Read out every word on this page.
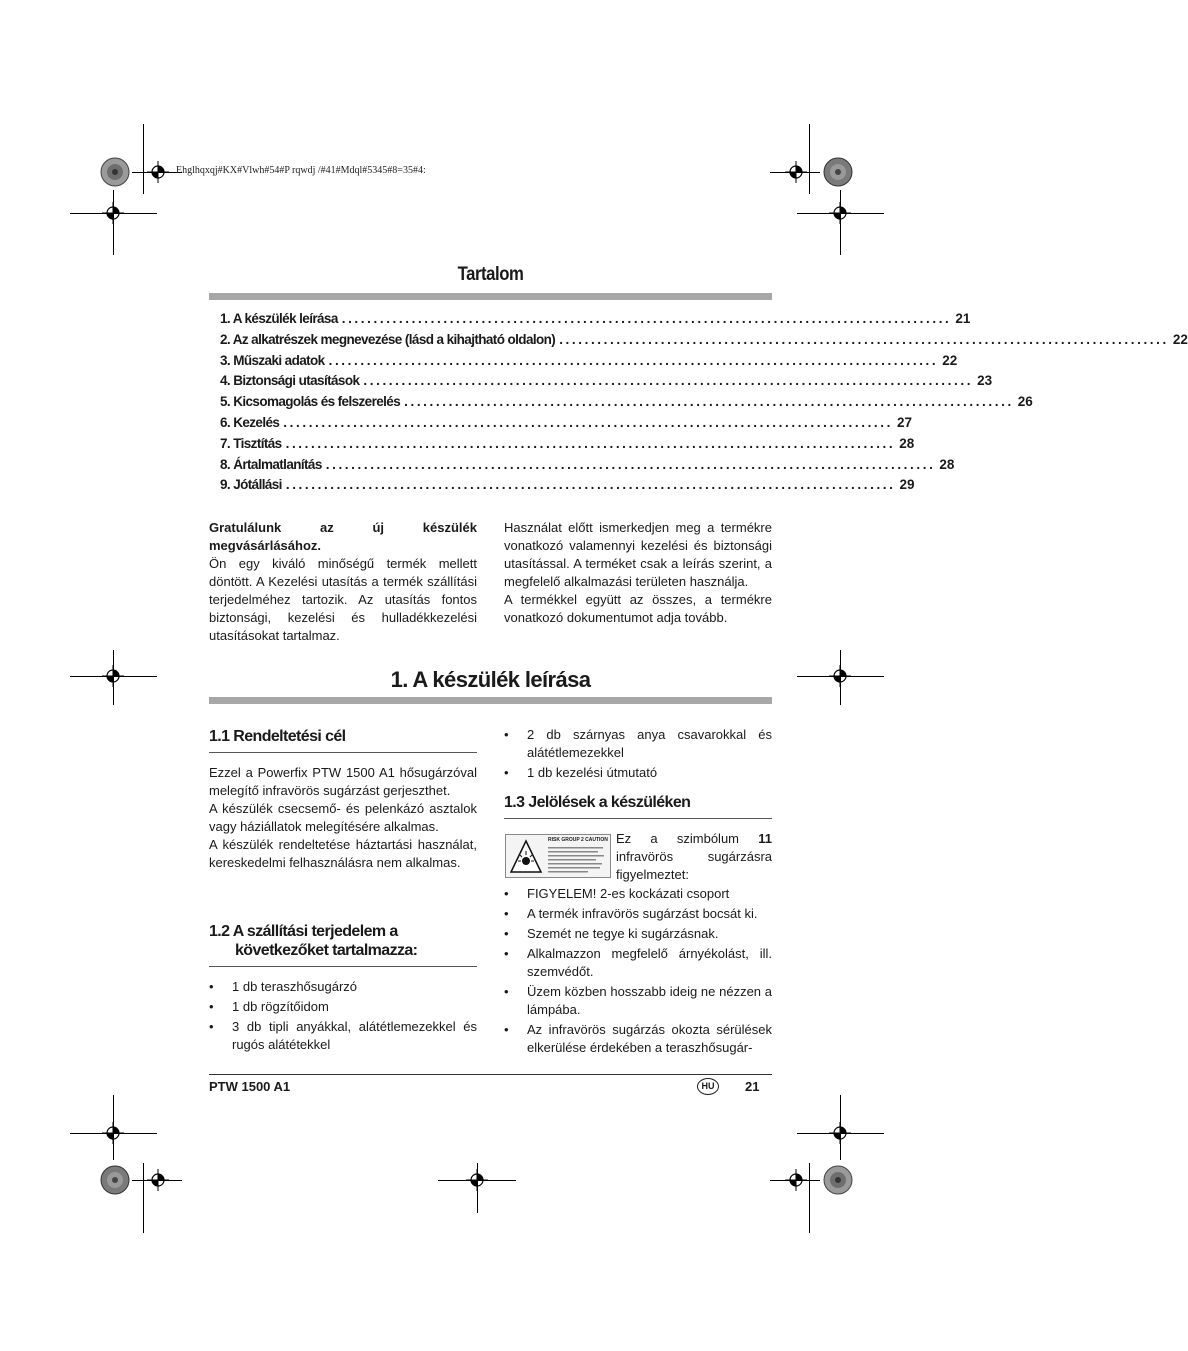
Ehglhqxqj#KX#Vlwh#54#P rqwdj /#41#Mdql#5345#8=35#4:
Tartalom
1. A készülék leírása ................................................................................................ 21
2. Az alkatrészek megnevezése (lásd a kihajtható oldalon) ................................................................................................ 22
3. Műszaki adatok ................................................................................................ 22
4. Biztonsági utasítások ................................................................................................ 23
5. Kicsomagolás és felszerelés ................................................................................................ 26
6. Kezelés ................................................................................................ 27
7. Tisztítás ................................................................................................ 28
8. Ártalmatlanítás ................................................................................................ 28
9. Jótállási ................................................................................................ 29

Gratulálunk az új készülék megvásárlásához.

Ön egy kiváló minőségű termék mellett döntött. A Kezelési utasítás a termék szállítási terjedelméhez tartozik. Az utasítás fontos biztonsági, kezelési és hulladékkezelési utasításokat tartalmaz.

Használat előtt ismerkedjen meg a termékre vonatkozó valamennyi kezelési és biztonsági utasítással. A terméket csak a leírás szerint, a megfelelő alkalmazási területen használja.

A termékkel együtt az összes, a termékre vonatkozó dokumentumot adja tovább.

1. A készülék leírása
1.1 Rendeltetési cél

Ezzel a Powerfix PTW 1500 A1 hősugárzóval melegítő infravörös sugárzást gerjeszthet.

A készülék csecsemő- és pelenkázó asztalok vagy háziállatok melegítésére alkalmas.

A készülék rendeltetése háztartási használat, kereskedelmi felhasználásra nem alkalmas.

1.2 A szállítási terjedelem a
következőket tartalmazza:
• 1 db teraszhősugárzó
• 1 db rögzítőidom
• 3 db tipli anyákkal, alátétlemezekkel és rugós alátétekkel
• 2 db szárnyas anya csavarokkal és alátétlemezekkel
• 1 db kezelési útmutató
1.3 Jelölések a készüléken
RISK GROUP 2 CAUTION Ez a szimbólum 11 infravörös sugárzásra figyelmeztet:

• FIGYELEM! 2-es kockázati csoport
• A termék infravörös sugárzást bocsát ki.
• Szemét ne tegye ki sugárzásnak.
• Alkalmazzon megfelelő árnyékolást, ill. szemvédőt.
• Üzem közben hosszabb ideig ne nézzen a lámpába.
• Az infravörös sugárzás okozta sérülések elkerülése érdekében a teraszhősugár-
PTW 1500 A1	HU	21
